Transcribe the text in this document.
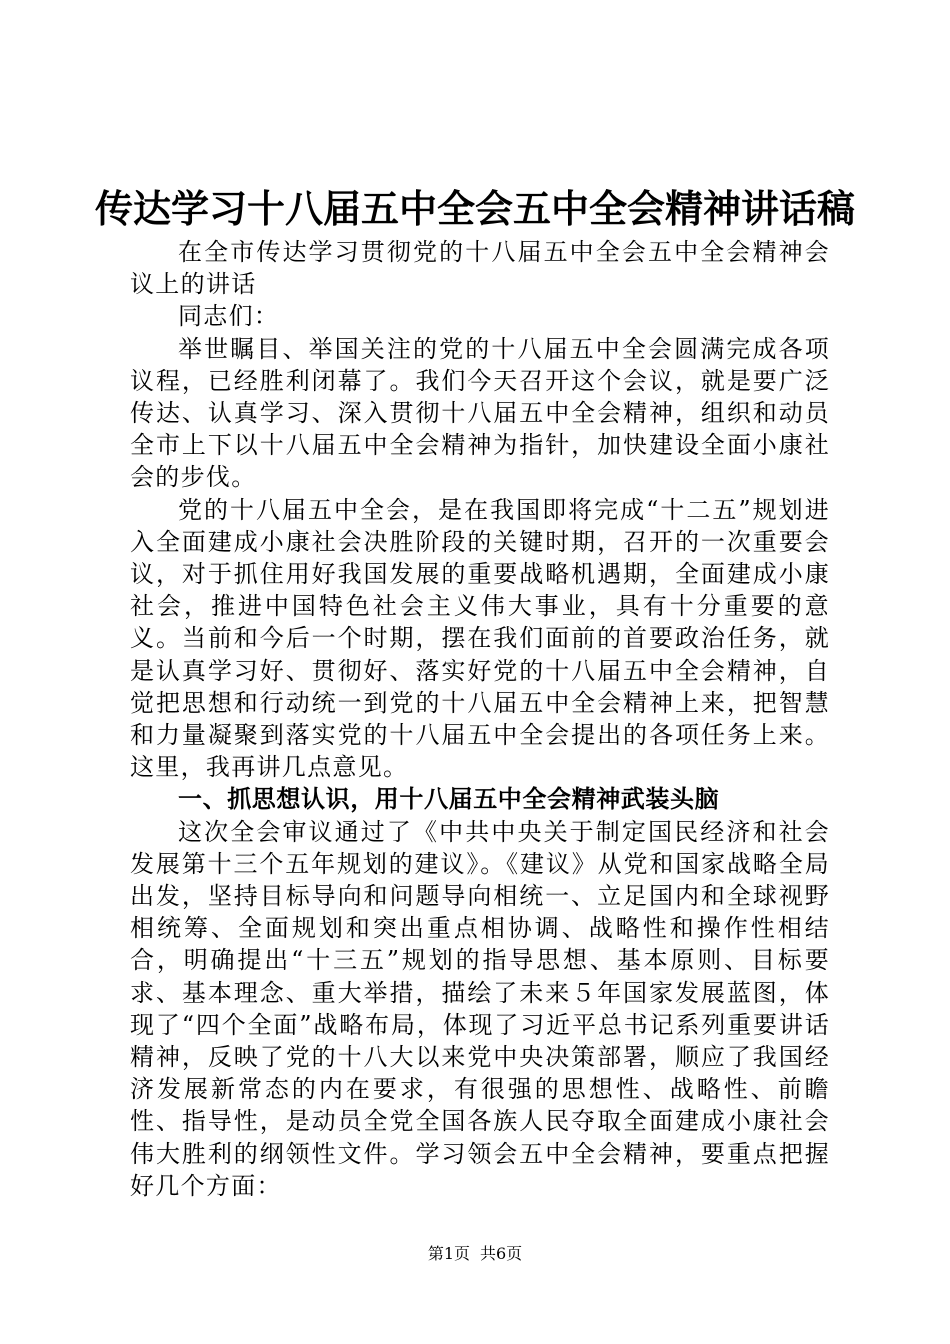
传达学习十八届五中全会五中全会精神讲话稿

在全市传达学习贯彻党的十八届五中全会五中全会精神会议上的讲话

同志们：

举世瞩目、举国关注的党的十八届五中全会圆满完成各项议程，已经胜利闭幕了。我们今天召开这个会议，就是要广泛传达、认真学习、深入贯彻十八届五中全会精神，组织和动员全市上下以十八届五中全会精神为指针，加快建设全面小康社会的步伐。

党的十八届五中全会，是在我国即将完成“十二五”规划进入全面建成小康社会决胜阶段的关键时期，召开的一次重要会议，对于抓住用好我国发展的重要战略机遇期，全面建成小康社会，推进中国特色社会主义伟大事业，具有十分重要的意义。当前和今后一个时期，摆在我们面前的首要政治任务，就是认真学习好、贯彻好、落实好党的十八届五中全会精神，自觉把思想和行动统一到党的十八届五中全会精神上来，把智慧和力量凝聚到落实党的十八届五中全会提出的各项任务上来。这里，我再讲几点意见。

一、抓思想认识，用十八届五中全会精神武装头脑

这次全会审议通过了《中共中央关于制定国民经济和社会发展第十三个五年规划的建议》。《建议》从党和国家战略全局出发，坚持目标导向和问题导向相统一、立足国内和全球视野相统筹、全面规划和突出重点相协调、战略性和操作性相结合，明确提出“十三五”规划的指导思想、基本原则、目标要求、基本理念、重大举措，描绘了未来５年国家发展蓝图，体现了“四个全面”战略布局，体现了习近平总书记系列重要讲话精神，反映了党的十八大以来党中央决策部署，顺应了我国经济发展新常态的内在要求，有很强的思想性、战略性、前瞻性、指导性，是动员全党全国各族人民夺取全面建成小康社会伟大胜利的纲领性文件。学习领会五中全会精神，要重点把握好几个方面：

第1页 共6页
